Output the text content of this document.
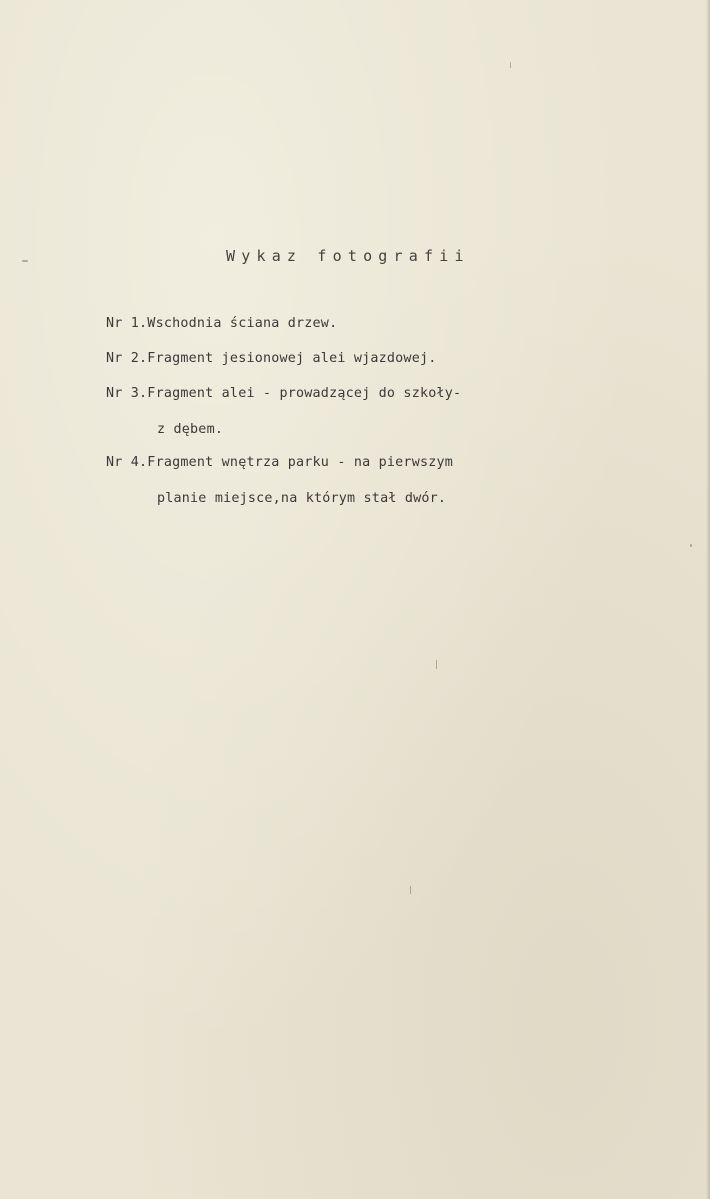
Wykaz fotografii
Nr 1.Wschodnia ściana drzew.
Nr 2.Fragment jesionowej alei wjazdowej.
Nr 3.Fragment alei - prowadzącej do szkoły-
z dębem.
Nr 4.Fragment wnętrza parku - na pierwszym
planie miejsce,na którym stał dwór.
